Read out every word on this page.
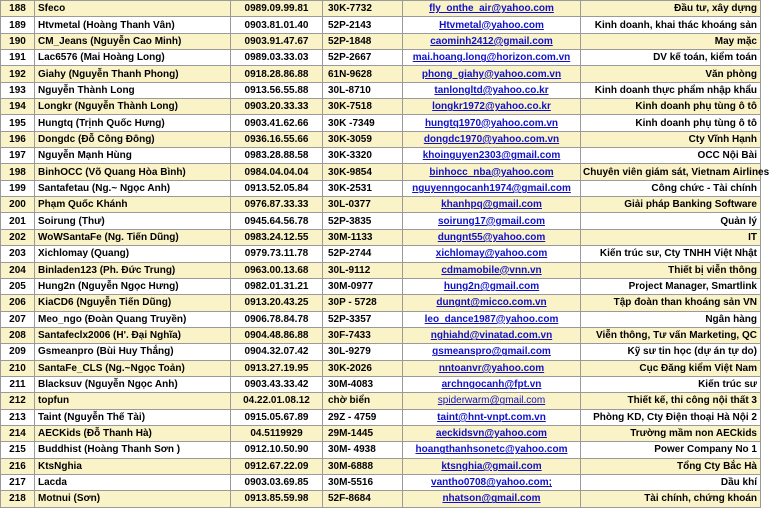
188	Sfeco	0989.09.99.81	30K-7732	fly_onthe_air@yahoo.com	Đầu tư, xây dựng
189	Htvmetal (Hoàng Thanh Vân)	0903.81.01.40	52P-2143	Htvmetal@yahoo.com	Kinh doanh, khai thác khoáng sản
190	CM_Jeans (Nguyễn Cao Minh)	0903.91.47.67	52P-1848	caominh2412@gmail.com	May mặc
191	Lac6576 (Mai Hoàng Long)	0989.03.33.03	52P-2667	mai.hoang.long@horizon.com.vn	DV kế toán, kiểm toán
192	Giahy (Nguyễn Thanh Phong)	0918.28.86.88	61N-9628	phong_giahy@yahoo.com.vn	Văn phòng
193	Nguyễn Thành Long	0913.56.55.88	30L-8710	tanlongltd@yahoo.co.kr	Kinh doanh thực phẩm nhập khẩu
194	Longkr (Nguyễn Thành Long)	0903.20.33.33	30K-7518	longkr1972@yahoo.co.kr	Kinh doanh phụ tùng ô tô
195	Hungtq (Trịnh Quốc Hưng)	0903.41.62.66	30K -7349	hungtq1970@yahoo.com.vn	Kinh doanh phụ tùng ô tô
196	Dongdc (Đỗ Công Đông)	0936.16.55.66	30K-3059	dongdc1970@yahoo.com.vn	Cty Vĩnh Hạnh
197	Nguyễn Mạnh Hùng	0983.28.88.58	30K-3320	khoinguyen2303@gmail.com	OCC Nội Bài
198	BinhOCC (Võ Quang Hòa Bình)	0984.04.04.04	30K-9854	binhocc_nba@yahoo.com	Chuyên viên giám sát, Vietnam Airlines
199	Santafetau (Ng.~ Ngọc Anh)	0913.52.05.84	30K-2531	nguyenngocanh1974@gmail.com	Công chức - Tài chính
200	Phạm Quốc Khánh	0976.87.33.33	30L-0377	khanhpq@gmail.com	Giải pháp Banking Software
201	Soirung (Thư)	0945.64.56.78	52P-3835	soirung17@gmail.com	Quản lý
202	WoWSantaFe (Ng. Tiến Dũng)	0983.24.12.55	30M-1133	dungnt55@yahoo.com	IT
203	Xichlomay (Quang)	0979.73.11.78	52P-2744	xichlomay@yahoo.com	Kiến trúc sư, Cty TNHH Việt Nhật
204	Binladen123 (Ph. Đức Trung)	0963.00.13.68	30L-9112	cdmamobile@vnn.vn	Thiết bị viễn thông
205	Hung2n (Nguyễn Ngọc Hưng)	0982.01.31.21	30M-0977	hung2n@gmail.com	Project Manager, Smartlink
206	KiaCD6 (Nguyễn Tiến Dũng)	0913.20.43.25	30P - 5728	dungnt@micco.com.vn	Tập đoàn than khoáng sản VN
207	Meo_ngo (Đoàn Quang Truyền)	0906.78.84.78	52P-3357	leo_dance1987@yahoo.com	Ngân hàng
208	Santafeclx2006 (H'. Đại Nghĩa)	0904.48.86.88	30F-7433	nghiahd@vinatad.com.vn	Viễn thông, Tư vấn Marketing, QC
209	Gsmeanpro (Bùi Huy Thắng)	0904.32.07.42	30L-9279	gsmeanspro@gmail.com	Kỹ sư tin học (dự án tự do)
210	SantaFe_CLS (Ng.~Ngọc Toản)	0913.27.19.95	30K-2026	nntoanvr@yahoo.com	Cục Đăng kiểm Việt Nam
211	Blacksuv (Nguyễn Ngọc Anh)	0903.43.33.42	30M-4083	archngocanh@fpt.vn	Kiến trúc sư
212	topfun	04.22.01.08.12	chờ biển	spiderwarm@gmail.com	Thiết kế, thi công nội thất 3
213	Taint (Nguyễn Thế Tài)	0915.05.67.89	29Z - 4759	taint@hnt-vnpt.com.vn	Phòng KD, Cty Điện thoại Hà Nội 2
214	AECKids (Đỗ Thanh Hà)	04.5119929	29M-1445	aeckidsvn@yahoo.com	Trường mầm non AECkids
215	Buddhist (Hoàng Thanh Sơn )	0912.10.50.90	30M- 4938	hoangthanhsonetc@yahoo.com	Power Company No 1
216	KtsNghia	0912.67.22.09	30M-6888	ktsnghia@gmail.com	Tổng Cty Bắc Hà
217	Lacda	0903.03.69.85	30M-5516	vantho0708@yahoo.com;	Dầu khí
218	Motnui (Sơn)	0913.85.59.98	52F-8684	nhatson@gmail.com	Tài chính, chứng khoán
